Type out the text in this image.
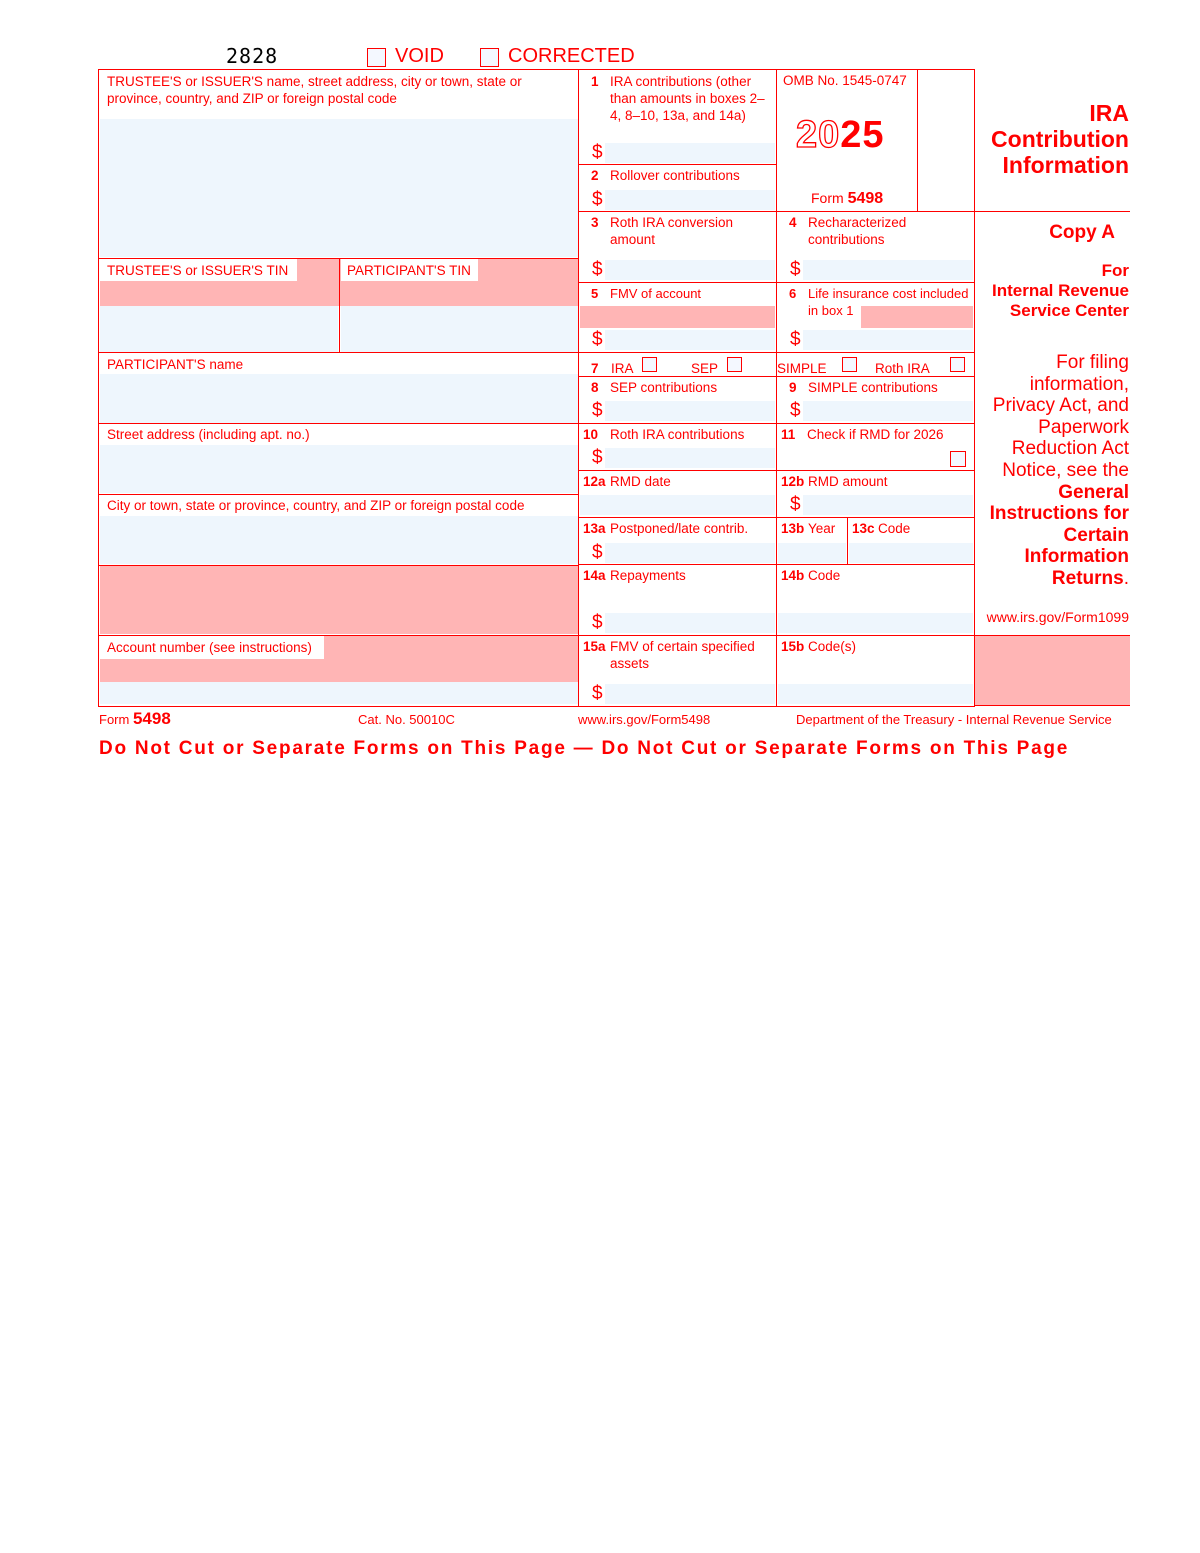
2828	VOID	CORRECTED
TRUSTEE'S or ISSUER'S name, street address, city or town, state or province, country, and ZIP or foreign postal code
TRUSTEE'S or ISSUER'S TIN	PARTICIPANT'S TIN
PARTICIPANT'S name
Street address (including apt. no.)
City or town, state or province, country, and ZIP or foreign postal code
Account number (see instructions)
1 IRA contributions (other than amounts in boxes 2–4, 8–10, 13a, and 14a)
$
2 Rollover contributions
$
OMB No. 1545-0747
2025
Form 5498
3 Roth IRA conversion amount
$
4 Recharacterized contributions
$
5 FMV of account
$
6 Life insurance cost included in box 1
$
7 IRA	SEP	SIMPLE	Roth IRA
8 SEP contributions
$
9 SIMPLE contributions
$
10 Roth IRA contributions
$
11 Check if RMD for 2026
12a RMD date	12b RMD amount
$
13a Postponed/late contrib.
$
13b Year 13c Code
14a Repayments
$
14b Code
15a FMV of certain specified assets
$
15b Code(s)
IRA
Contribution
Information
Copy A
For
Internal Revenue
Service Center
For filing
information,
Privacy Act, and
Paperwork
Reduction Act
Notice, see the
General
Instructions for
Certain
Information
Returns.
www.irs.gov/Form1099
Form 5498	Cat. No. 50010C	www.irs.gov/Form5498	Department of the Treasury - Internal Revenue Service
Do Not Cut or Separate Forms on This Page — Do Not Cut or Separate Forms on This Page
